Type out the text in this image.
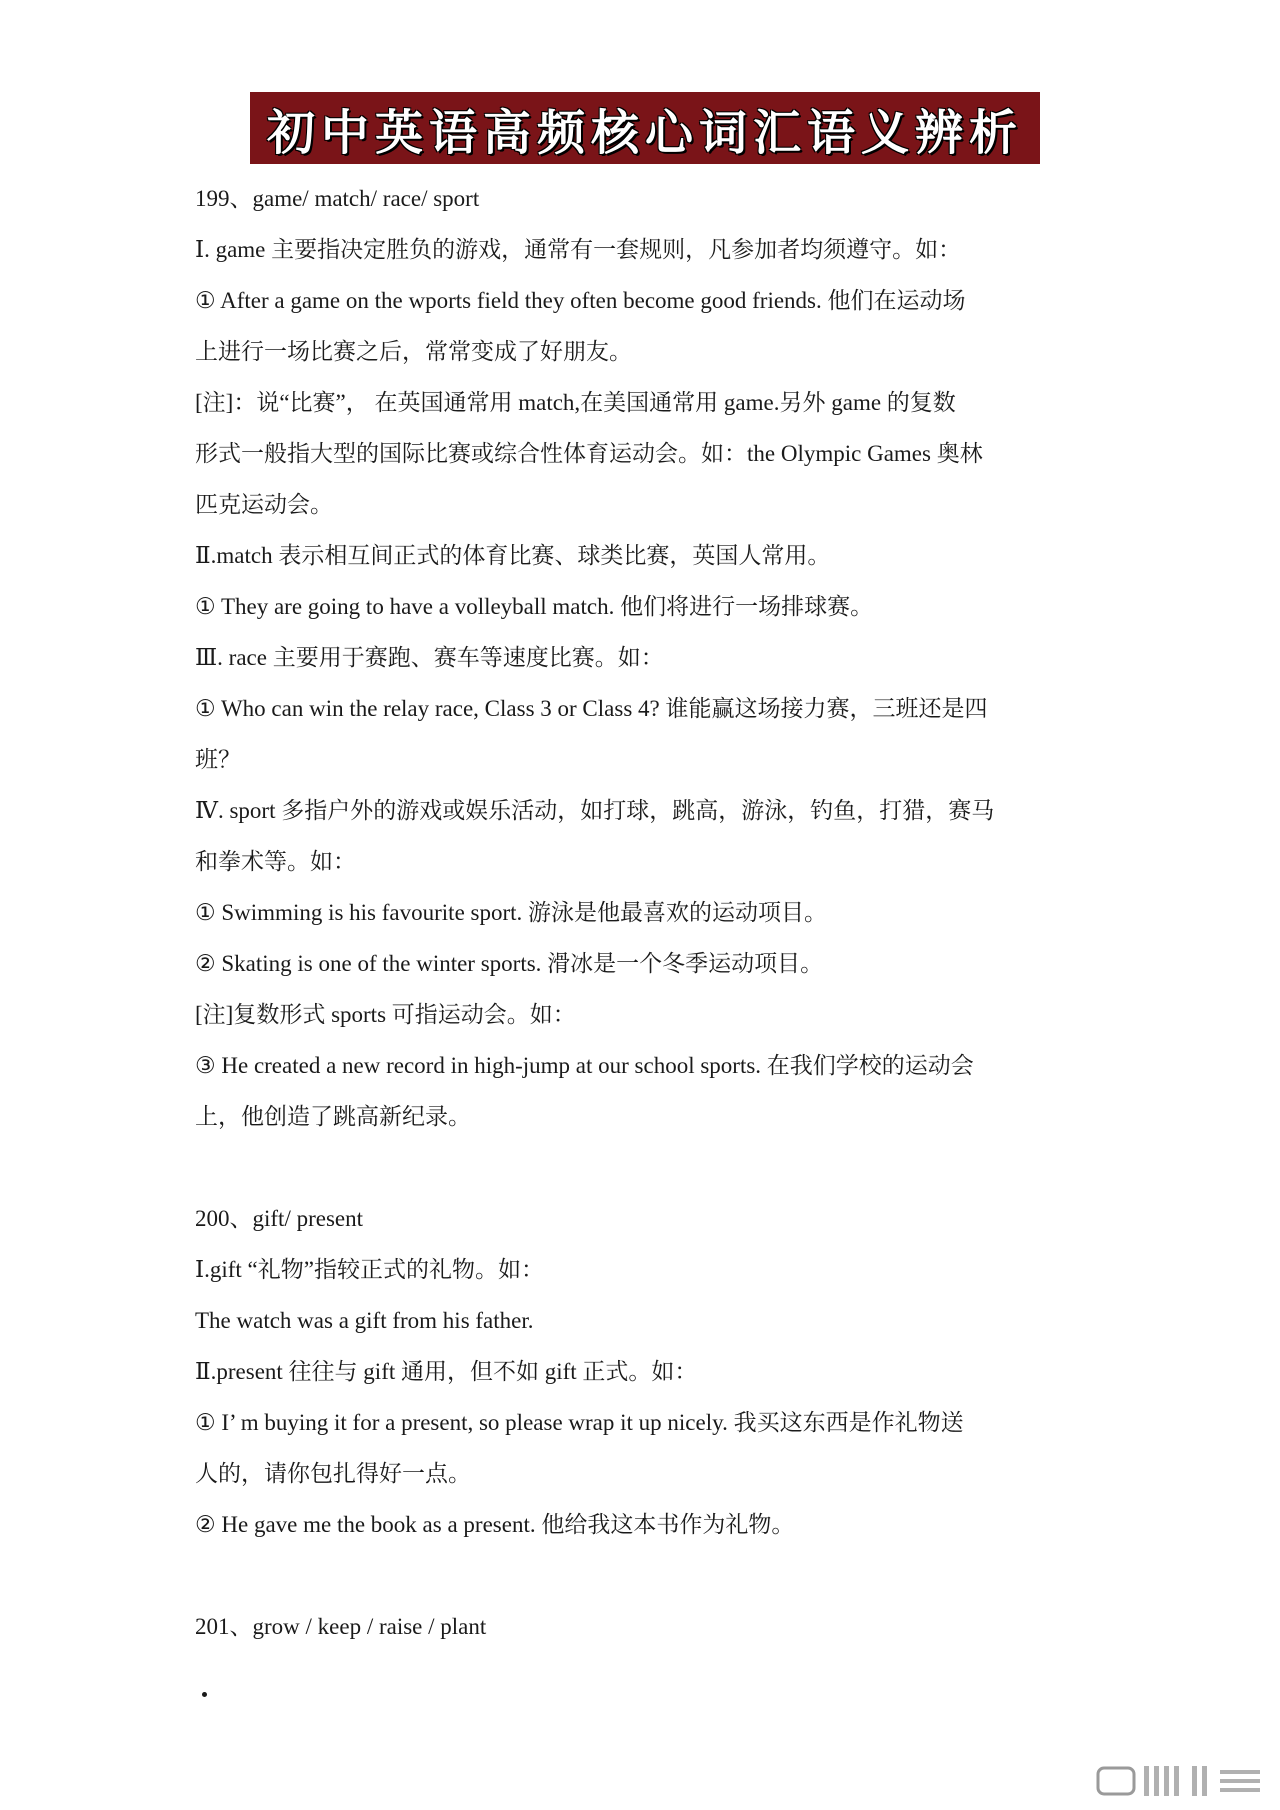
初中英语高频核心词汇语义辨析
199、game/ match/ race/ sport
Ⅰ. game 主要指决定胜负的游戏，通常有一套规则，凡参加者均须遵守。如：
① After a game on the wports field they often become good friends. 他们在运动场
上进行一场比赛之后，常常变成了好朋友。
[注]：说“比赛”， 在英国通常用 match,在美国通常用 game.另外 game 的复数
形式一般指大型的国际比赛或综合性体育运动会。如：the Olympic Games 奥林
匹克运动会。
Ⅱ.match 表示相互间正式的体育比赛、球类比赛，英国人常用。
① They are going to have a volleyball match. 他们将进行一场排球赛。
Ⅲ. race 主要用于赛跑、赛车等速度比赛。如：
① Who can win the relay race, Class 3 or Class 4? 谁能赢这场接力赛，三班还是四
班？
Ⅳ. sport 多指户外的游戏或娱乐活动，如打球，跳高，游泳，钓鱼，打猎，赛马
和拳术等。如：
① Swimming is his favourite sport. 游泳是他最喜欢的运动项目。
② Skating is one of the winter sports. 滑冰是一个冬季运动项目。
[注]复数形式 sports 可指运动会。如：
③ He created a new record in high-jump at our school sports. 在我们学校的运动会
上，他创造了跳高新纪录。
200、gift/ present
Ⅰ.gift “礼物”指较正式的礼物。如：
The watch was a gift from his father.
Ⅱ.present 往往与 gift 通用，但不如 gift 正式。如：
① I’ m buying it for a present, so please wrap it up nicely. 我买这东西是作礼物送
人的，请你包扎得好一点。
② He gave me the book as a present. 他给我这本书作为礼物。
201、grow / keep / raise / plant
